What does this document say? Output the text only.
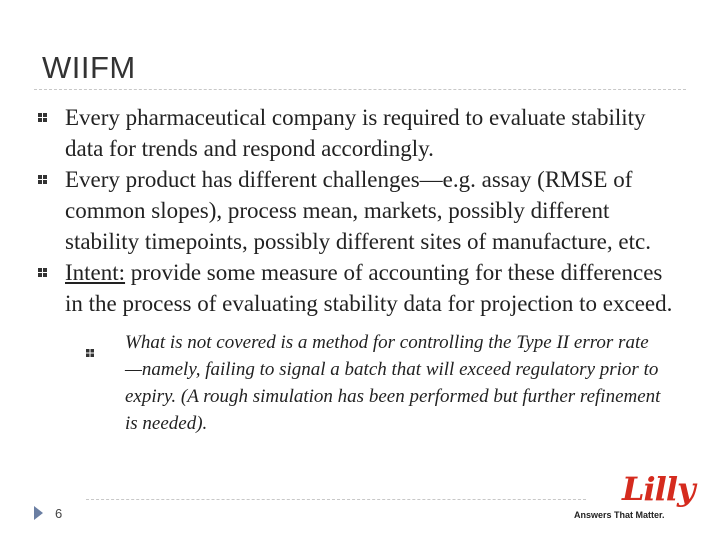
WIIFM
Every pharmaceutical company is required to evaluate stability data for trends and respond accordingly.
Every product has different challenges—e.g. assay (RMSE of common slopes), process mean, markets, possibly different stability timepoints, possibly different sites of manufacture, etc.
Intent: provide some measure of accounting for these differences in the process of evaluating stability data for projection to exceed.
What is not covered is a method for controlling the Type II error rate—namely, failing to signal a batch that will exceed regulatory prior to expiry. (A rough simulation has been performed but further refinement is needed).
6
Lilly
Answers That Matter.
